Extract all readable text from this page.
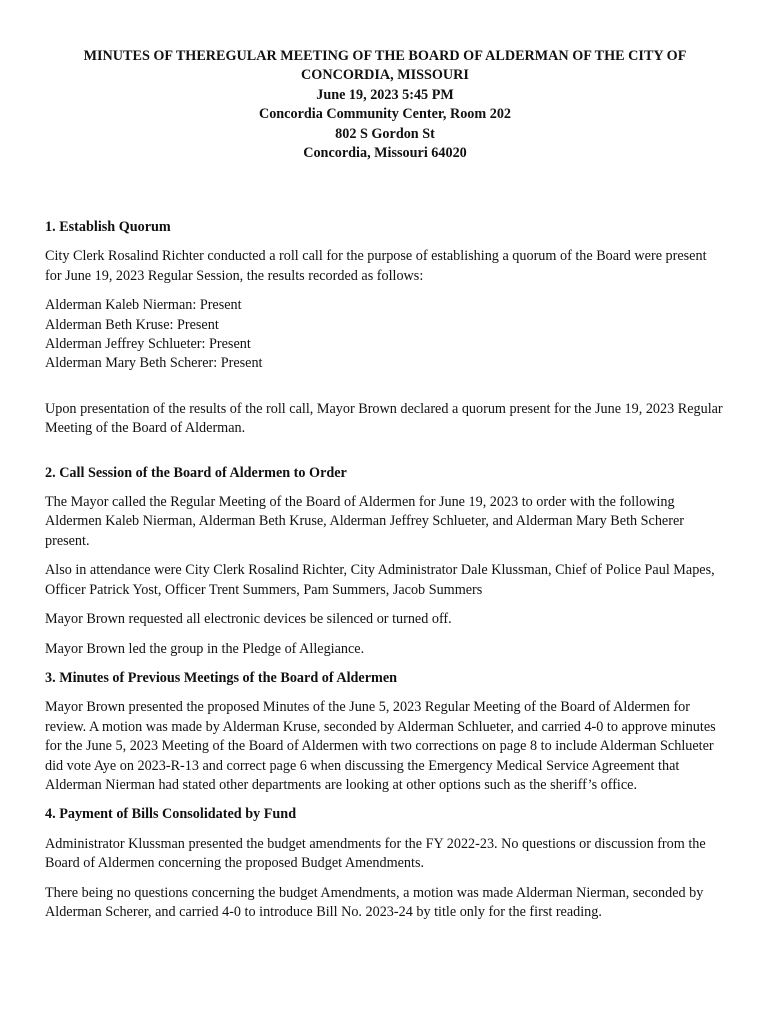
MINUTES OF THEREGULAR MEETING OF THE BOARD OF ALDERMAN OF THE CITY OF
CONCORDIA, MISSOURI
June 19, 2023 5:45 PM
Concordia Community Center, Room 202
802 S Gordon St
Concordia, Missouri 64020
1. Establish Quorum

City Clerk Rosalind Richter conducted a roll call for the purpose of establishing a quorum of the Board were present for June 19, 2023 Regular Session, the results recorded as follows:

Alderman Kaleb Nierman: Present
Alderman Beth Kruse: Present
Alderman Jeffrey Schlueter: Present
Alderman Mary Beth Scherer: Present

Upon presentation of the results of the roll call, Mayor Brown declared a quorum present for the June 19, 2023 Regular Meeting of the Board of Alderman.

2. Call Session of the Board of Aldermen to Order

The Mayor called the Regular Meeting of the Board of Aldermen for June 19, 2023 to order with the following Aldermen Kaleb Nierman, Alderman Beth Kruse, Alderman Jeffrey Schlueter, and Alderman Mary Beth Scherer present.

Also in attendance were City Clerk Rosalind Richter, City Administrator Dale Klussman, Chief of Police Paul Mapes, Officer Patrick Yost, Officer Trent Summers, Pam Summers, Jacob Summers

Mayor Brown requested all electronic devices be silenced or turned off.

Mayor Brown led the group in the Pledge of Allegiance.

3. Minutes of Previous Meetings of the Board of Aldermen

Mayor Brown presented the proposed Minutes of the June 5, 2023 Regular Meeting of the Board of Aldermen for review. A motion was made by Alderman Kruse, seconded by Alderman Schlueter, and carried 4-0 to approve minutes for the June 5, 2023 Meeting of the Board of Aldermen with two corrections on page 8 to include Alderman Schlueter did vote Aye on 2023-R-13 and correct page 6 when discussing the Emergency Medical Service Agreement that Alderman Nierman had stated other departments are looking at other options such as the sheriff’s office.

4. Payment of Bills Consolidated by Fund

Administrator Klussman presented the budget amendments for the FY 2022-23. No questions or discussion from the Board of Aldermen concerning the proposed Budget Amendments.

There being no questions concerning the budget Amendments, a motion was made Alderman Nierman, seconded by Alderman Scherer, and carried 4-0 to introduce Bill No. 2023-24 by title only for the first reading.
